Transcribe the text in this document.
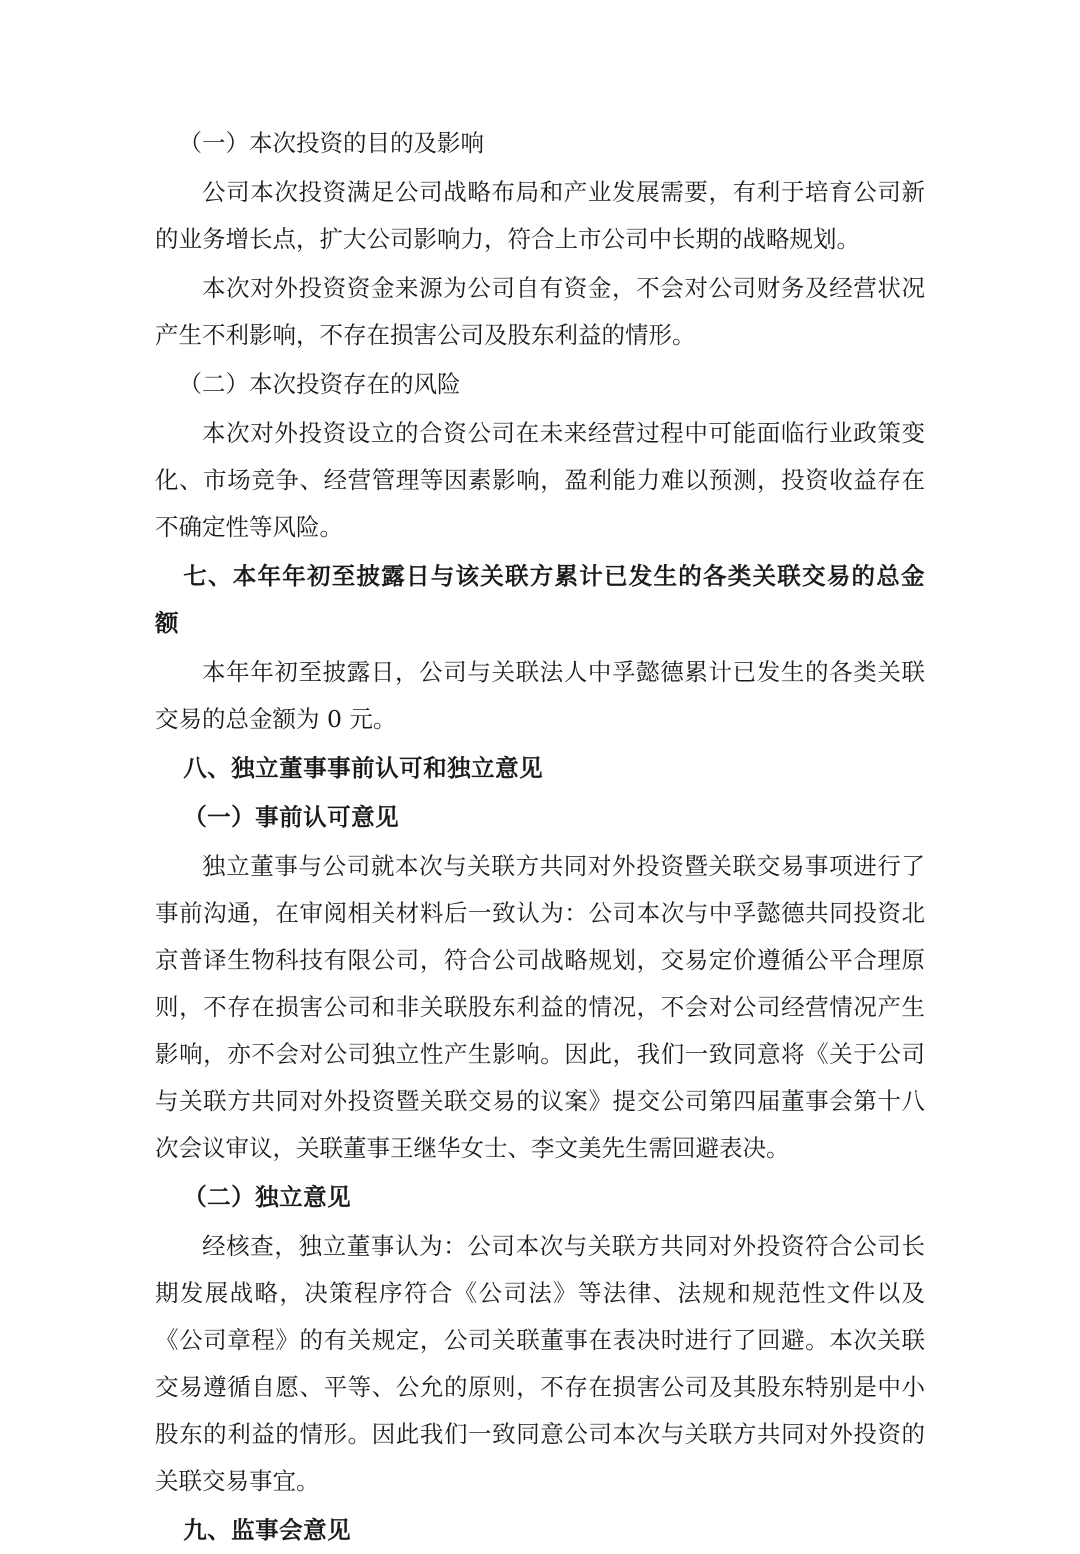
（一）本次投资的目的及影响

公司本次投资满足公司战略布局和产业发展需要，有利于培育公司新的业务增长点，扩大公司影响力，符合上市公司中长期的战略规划。

本次对外投资资金来源为公司自有资金，不会对公司财务及经营状况产生不利影响，不存在损害公司及股东利益的情形。

（二）本次投资存在的风险

本次对外投资设立的合资公司在未来经营过程中可能面临行业政策变化、市场竞争、经营管理等因素影响，盈利能力难以预测，投资收益存在不确定性等风险。

七、本年年初至披露日与该关联方累计已发生的各类关联交易的总金额

本年年初至披露日，公司与关联法人中孚懿德累计已发生的各类关联交易的总金额为 0 元。

八、独立董事事前认可和独立意见

（一）事前认可意见

独立董事与公司就本次与关联方共同对外投资暨关联交易事项进行了事前沟通，在审阅相关材料后一致认为：公司本次与中孚懿德共同投资北京普译生物科技有限公司，符合公司战略规划，交易定价遵循公平合理原则，不存在损害公司和非关联股东利益的情况，不会对公司经营情况产生影响，亦不会对公司独立性产生影响。因此，我们一致同意将《关于公司与关联方共同对外投资暨关联交易的议案》提交公司第四届董事会第十八次会议审议，关联董事王继华女士、李文美先生需回避表决。

（二）独立意见

经核查，独立董事认为：公司本次与关联方共同对外投资符合公司长期发展战略，决策程序符合《公司法》等法律、法规和规范性文件以及《公司章程》的有关规定，公司关联董事在表决时进行了回避。本次关联交易遵循自愿、平等、公允的原则，不存在损害公司及其股东特别是中小股东的利益的情形。因此我们一致同意公司本次与关联方共同对外投资的关联交易事宜。

九、监事会意见
